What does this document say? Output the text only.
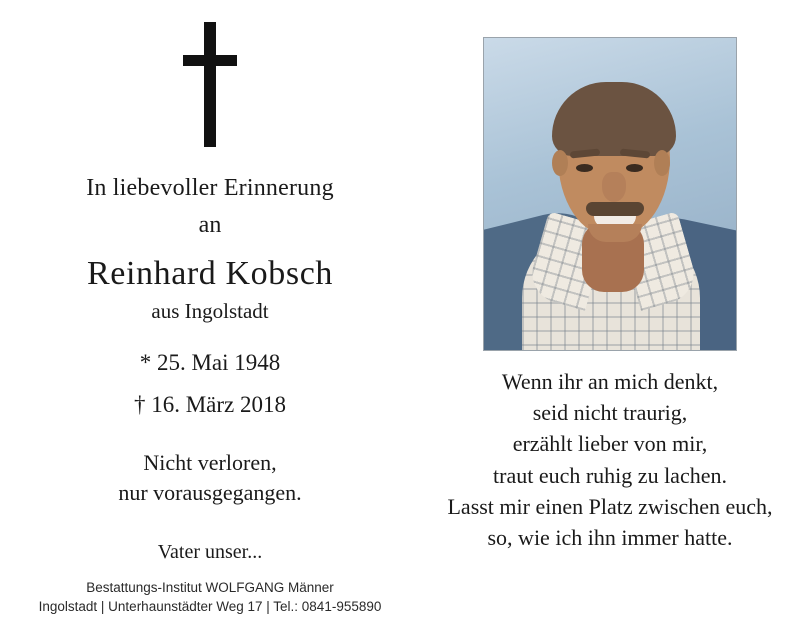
In liebevoller Erinnerung
an
Reinhard Kobsch
aus Ingolstadt
* 25. Mai 1948
† 16. März 2018
Nicht verloren,
nur vorausgegangen.
Vater unser...
Bestattungs-Institut WOLFGANG Männer
Ingolstadt | Unterhaunstädter Weg 17 | Tel.: 0841-955890
Wenn ihr an mich denkt,
seid nicht traurig,
erzählt lieber von mir,
traut euch ruhig zu lachen.
Lasst mir einen Platz zwischen euch,
so, wie ich ihn immer hatte.
